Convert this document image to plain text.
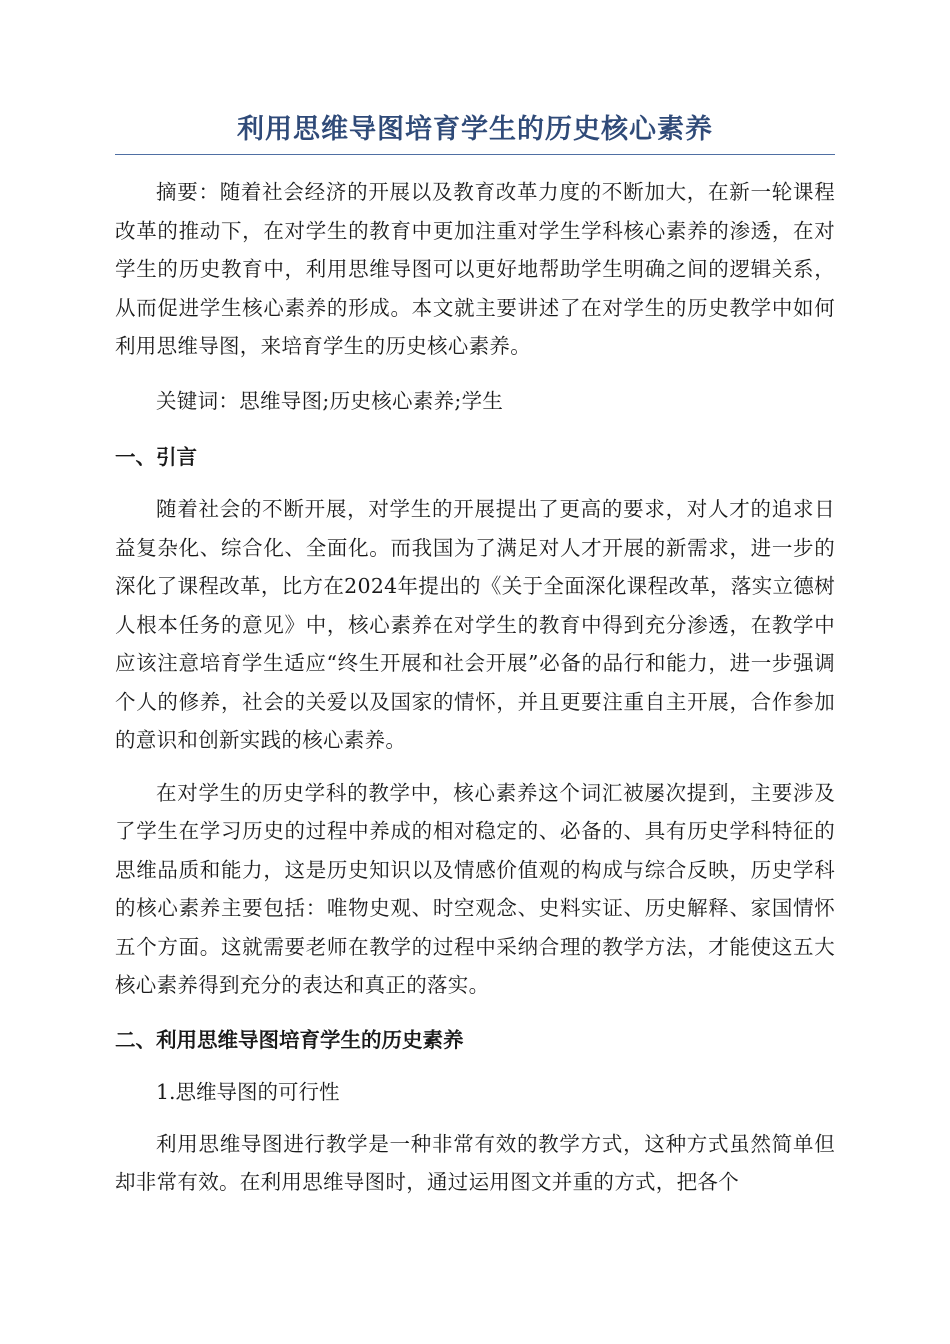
利用思维导图培育学生的历史核心素养

摘要：随着社会经济的开展以及教育改革力度的不断加大，在新一轮课程改革的推动下，在对学生的教育中更加注重对学生学科核心素养的渗透，在对学生的历史教育中，利用思维导图可以更好地帮助学生明确之间的逻辑关系，从而促进学生核心素养的形成。本文就主要讲述了在对学生的历史教学中如何利用思维导图，来培育学生的历史核心素养。

关键词：思维导图;历史核心素养;学生

一、引言

随着社会的不断开展，对学生的开展提出了更高的要求，对人才的追求日益复杂化、综合化、全面化。而我国为了满足对人才开展的新需求，进一步的深化了课程改革，比方在2024年提出的《关于全面深化课程改革，落实立德树人根本任务的意见》中，核心素养在对学生的教育中得到充分渗透，在教学中应该注意培育学生适应“终生开展和社会开展”必备的品行和能力，进一步强调个人的修养，社会的关爱以及国家的情怀，并且更要注重自主开展，合作参加的意识和创新实践的核心素养。

在对学生的历史学科的教学中，核心素养这个词汇被屡次提到，主要涉及了学生在学习历史的过程中养成的相对稳定的、必备的、具有历史学科特征的思维品质和能力，这是历史知识以及情感价值观的构成与综合反映，历史学科的核心素养主要包括：唯物史观、时空观念、史料实证、历史解释、家国情怀五个方面。这就需要老师在教学的过程中采纳合理的教学方法，才能使这五大核心素养得到充分的表达和真正的落实。

二、利用思维导图培育学生的历史素养

1.思维导图的可行性

利用思维导图进行教学是一种非常有效的教学方式，这种方式虽然简单但却非常有效。在利用思维导图时，通过运用图文并重的方式，把各个
